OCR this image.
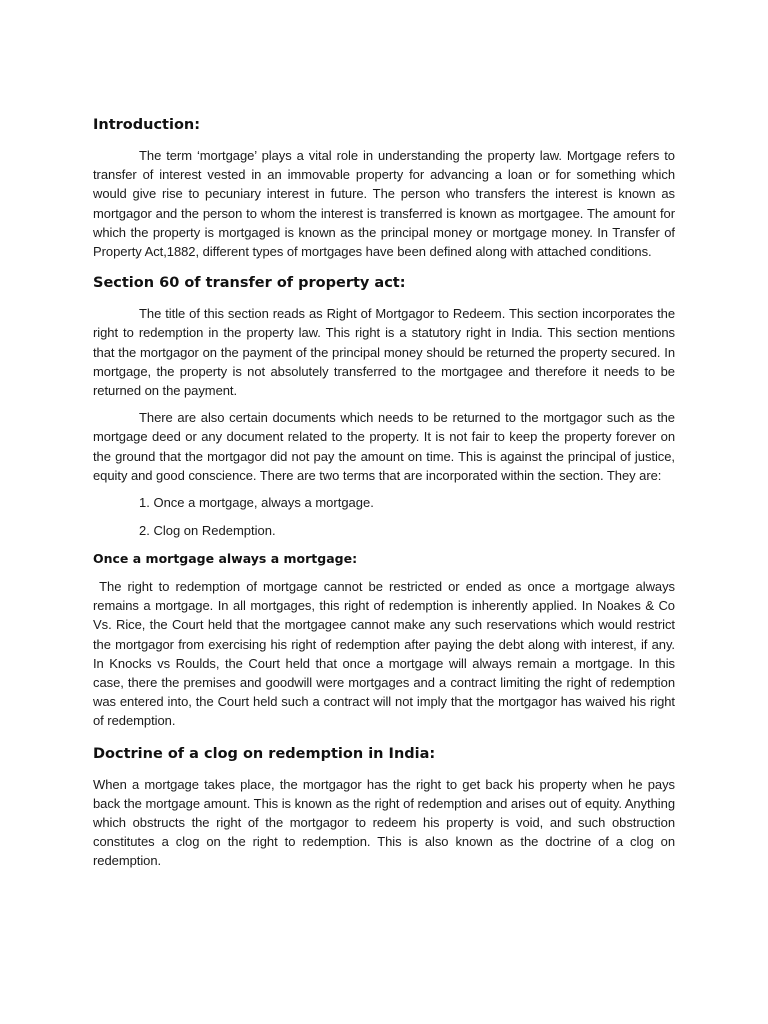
Introduction:

The term ‘mortgage’ plays a vital role in understanding the property law. Mortgage refers to transfer of interest vested in an immovable property for advancing a loan or for something which would give rise to pecuniary interest in future. The person who transfers the interest is known as mortgagor and the person to whom the interest is transferred is known as mortgagee. The amount for which the property is mortgaged is known as the principal money or mortgage money. In Transfer of Property Act,1882, different types of mortgages have been defined along with attached conditions.

Section 60 of transfer of property act:

The title of this section reads as Right of Mortgagor to Redeem. This section incorporates the right to redemption in the property law. This right is a statutory right in India. This section mentions that the mortgagor on the payment of the principal money should be returned the property secured. In mortgage, the property is not absolutely transferred to the mortgagee and therefore it needs to be returned on the payment.

There are also certain documents which needs to be returned to the mortgagor such as the mortgage deed or any document related to the property. It is not fair to keep the property forever on the ground that the mortgagor did not pay the amount on time. This is against the principal of justice, equity and good conscience. There are two terms that are incorporated within the section. They are:

1. Once a mortgage, always a mortgage.
2. Clog on Redemption.
Once a mortgage always a mortgage:

The right to redemption of mortgage cannot be restricted or ended as once a mortgage always remains a mortgage. In all mortgages, this right of redemption is inherently applied. In Noakes & Co Vs. Rice, the Court held that the mortgagee cannot make any such reservations which would restrict the mortgagor from exercising his right of redemption after paying the debt along with interest, if any. In Knocks vs Roulds, the Court held that once a mortgage will always remain a mortgage. In this case, there the premises and goodwill were mortgages and a contract limiting the right of redemption was entered into, the Court held such a contract will not imply that the mortgagor has waived his right of redemption.

Doctrine of a clog on redemption in India:

When a mortgage takes place, the mortgagor has the right to get back his property when he pays back the mortgage amount. This is known as the right of redemption and arises out of equity. Anything which obstructs the right of the mortgagor to redeem his property is void, and such obstruction constitutes a clog on the right to redemption. This is also known as the doctrine of a clog on redemption.
